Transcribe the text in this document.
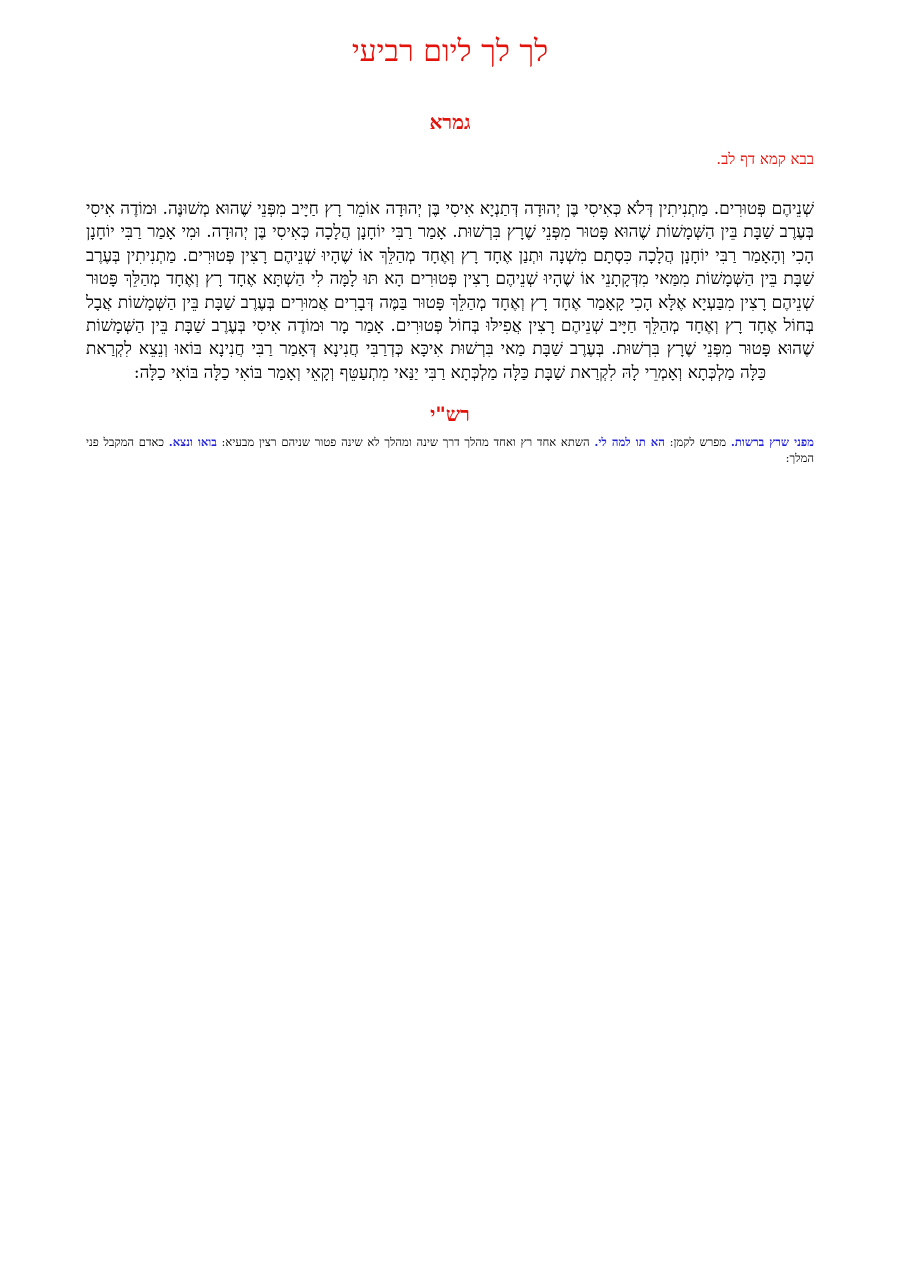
לך לך ליום רביעי
גמרא
בבא קמא דף לב.

שְׁנֵיהֶם פְּטוּרִים. מַתְנִיתִין דְּלֹא כְּאִיסִי בֶּן יְהוּדָה דְּתַנְיָא אִיסִי בֶּן יְהוּדָה אוֹמֵר רָץ חַיָּיב מִפְּנֵי שֶׁהוּא מְשׁוּנֶּה. וּמוֹדֶה אִיסִי בְּעֶרֶב שַׁבָּת בֵּין הַשְּׁמָשׁוֹת שֶׁהוּא פָּטוּר מִפְּנֵי שֶׁרָץ בִּרְשׁוּת. אָמַר רַבִּי יוֹחָנָן הֲלָכָה כְּאִיסִי בֶּן יְהוּדָה. וּמִי אָמַר רַבִּי יוֹחָנָן הָכִי וְהָאָמַר רַבִּי יוֹחָנָן הֲלָכָה כִּסְתָם מִשְׁנָה וּתְנַן אֶחָד רָץ וְאֶחָד מְהַלֵּךְ אוֹ שֶׁהָיוּ שְׁנֵיהֶם רָצִין פְּטוּרִים. מַתְנִיתִין בְּעֶרֶב שַׁבָּת בֵּין הַשְּׁמָשׁוֹת מִמַּאי מִדְּקָתָנֵי אוֹ שֶׁהָיוּ שְׁנֵיהֶם רָצִין פְּטוּרִים הָא תּוּ לָמָּה לִי הַשְׁתָּא אֶחָד רָץ וְאֶחָד מְהַלֵּךְ פָּטוּר שְׁנֵיהֶם רָצִין מִבַּעְיָא אֶלָּא הָכִי קָאָמַר אֶחָד רָץ וְאֶחָד מְהַלֵּךְ פָּטוּר בַּמֶּה דְּבָרִים אֲמוּרִים בְּעֶרֶב שַׁבָּת בֵּין הַשְּׁמָשׁוֹת אֲבָל בְּחוֹל אֶחָד רָץ וְאֶחָד מְהַלֵּךְ חַיָּיב שְׁנֵיהֶם רָצִין אֲפִילּוּ בְּחוֹל פְּטוּרִים. אָמַר מָר וּמוֹדֶה אִיסִי בְּעֶרֶב שַׁבָּת בֵּין הַשְּׁמָשׁוֹת שֶׁהוּא פָּטוּר מִפְּנֵי שֶׁרָץ בִּרְשׁוּת. בְּעֶרֶב שַׁבָּת מַאי בִּרְשׁוּת אִיכָּא כְּדְרַבִּי חֲנִינָא דְּאָמַר רַבִּי חֲנִינָא בּוֹאוּ וְנֵצֵא לִקְרַאת כַּלָּה מַלְכְּתָא וְאָמְרֵי לָהּ לִקְרַאת שַׁבָּת כַּלָּה מַלְכְּתָא רַבִּי יַנַּאי מִתְעַטֵּף וְקָאֵי וְאָמַר בּוֹאִי כַלָּה בּוֹאִי כַלָּה:

רש"י

מפני שרץ ברשות. מפרש לקמן: הא תו למה לי. השתא אחד רץ ואחד מהלך דרך שינה ומהלך לא שינה פטור שניהם רצין מבעיא: בואו ונצא. כאדם המקבל פני המלך:
